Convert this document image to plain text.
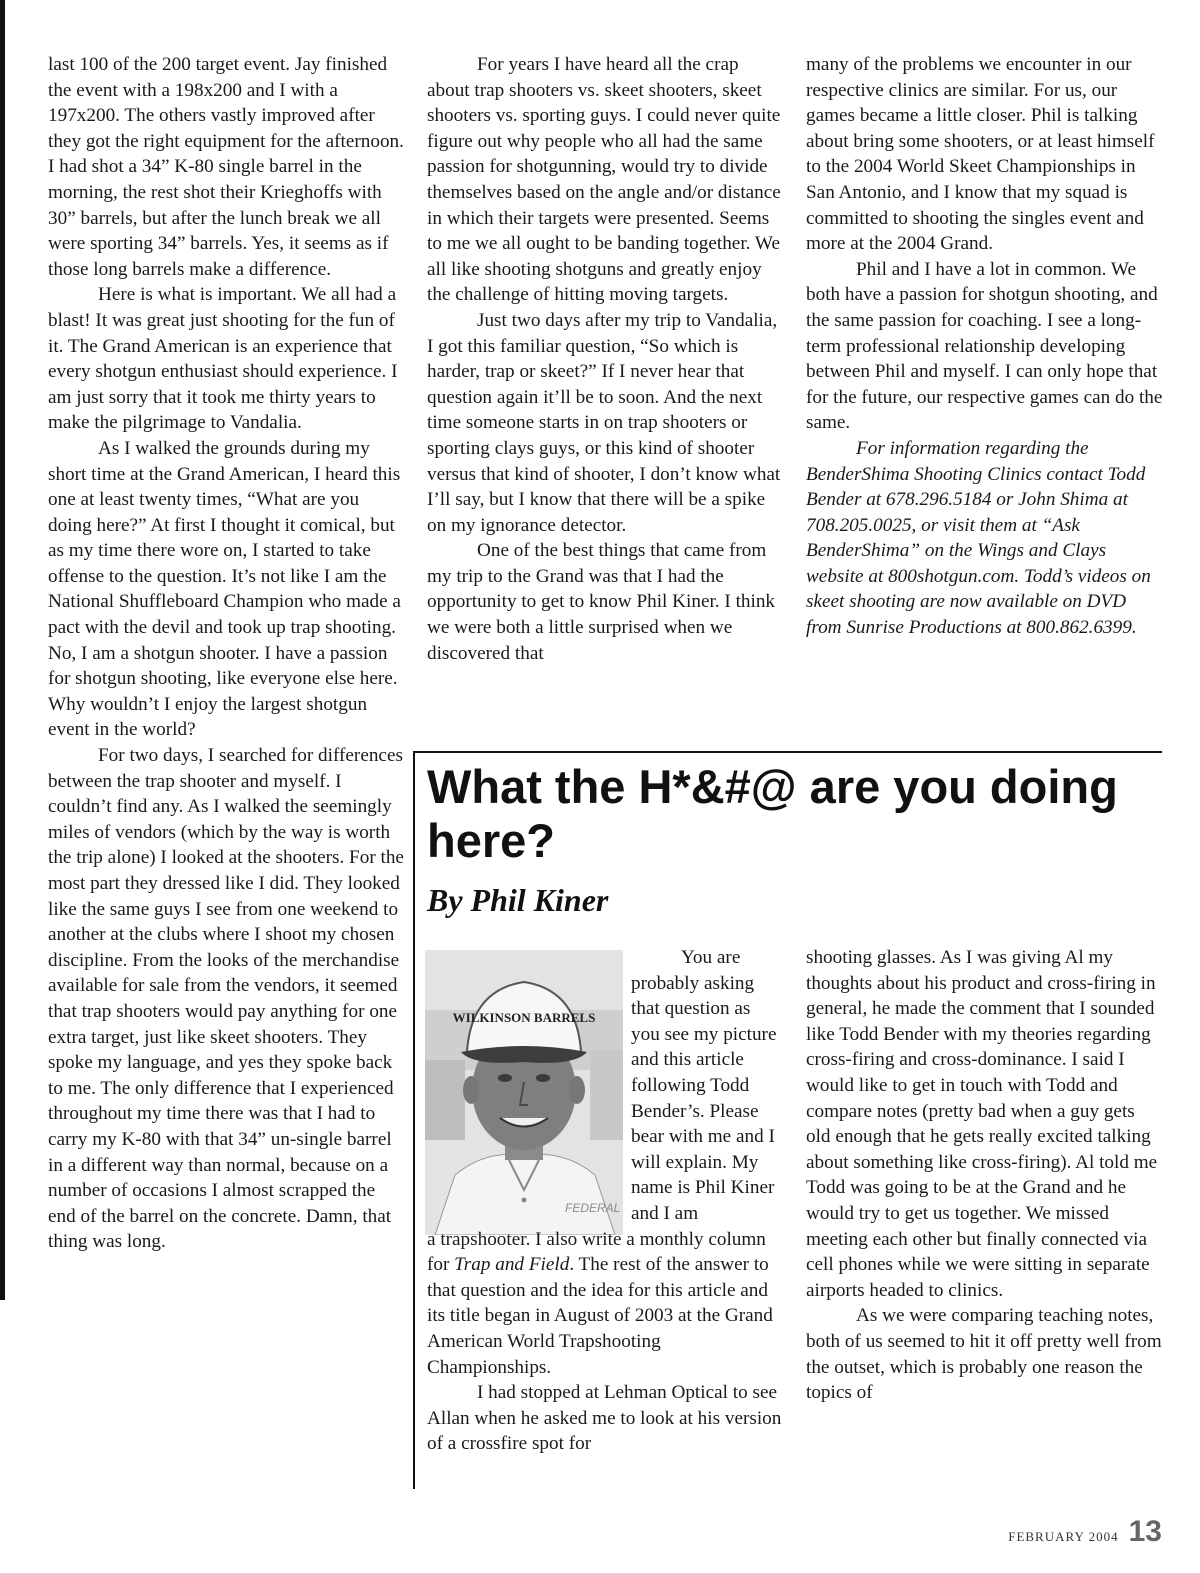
last 100 of the 200 target event. Jay finished the event with a 198x200 and I with a 197x200. The others vastly improved after they got the right equipment for the afternoon. I had shot a 34” K-80 single barrel in the morning, the rest shot their Krieghoffs with 30” barrels, but after the lunch break we all were sporting 34” barrels. Yes, it seems as if those long barrels make a difference.

Here is what is important. We all had a blast! It was great just shooting for the fun of it. The Grand American is an experience that every shotgun enthusiast should experience. I am just sorry that it took me thirty years to make the pilgrimage to Vandalia.

As I walked the grounds during my short time at the Grand American, I heard this one at least twenty times, “What are you doing here?” At first I thought it comical, but as my time there wore on, I started to take offense to the question. It’s not like I am the National Shuffleboard Champion who made a pact with the devil and took up trap shooting. No, I am a shotgun shooter. I have a passion for shotgun shooting, like everyone else here. Why wouldn’t I enjoy the largest shotgun event in the world?

For two days, I searched for differences between the trap shooter and myself. I couldn’t find any. As I walked the seemingly miles of vendors (which by the way is worth the trip alone) I looked at the shooters. For the most part they dressed like I did. They looked like the same guys I see from one weekend to another at the clubs where I shoot my chosen discipline. From the looks of the merchandise available for sale from the vendors, it seemed that trap shooters would pay anything for one extra target, just like skeet shooters. They spoke my language, and yes they spoke back to me. The only difference that I experienced throughout my time there was that I had to carry my K-80 with that 34” un-single barrel in a different way than normal, because on a number of occasions I almost scrapped the end of the barrel on the concrete. Damn, that thing was long.

For years I have heard all the crap about trap shooters vs. skeet shooters, skeet shooters vs. sporting guys. I could never quite figure out why people who all had the same passion for shotgunning, would try to divide themselves based on the angle and/or distance in which their targets were presented. Seems to me we all ought to be banding together. We all like shooting shotguns and greatly enjoy the challenge of hitting moving targets.

Just two days after my trip to Vandalia, I got this familiar question, “So which is harder, trap or skeet?” If I never hear that question again it’ll be to soon. And the next time someone starts in on trap shooters or sporting clays guys, or this kind of shooter versus that kind of shooter, I don’t know what I’ll say, but I know that there will be a spike on my ignorance detector.

One of the best things that came from my trip to the Grand was that I had the opportunity to get to know Phil Kiner. I think we were both a little surprised when we discovered that

many of the problems we encounter in our respective clinics are similar. For us, our games became a little closer. Phil is talking about bring some shooters, or at least himself to the 2004 World Skeet Championships in San Antonio, and I know that my squad is committed to shooting the singles event and more at the 2004 Grand.

Phil and I have a lot in common. We both have a passion for shotgun shooting, and the same passion for coaching. I see a long-term professional relationship developing between Phil and myself. I can only hope that for the future, our respective games can do the same.

For information regarding the BenderShima Shooting Clinics contact Todd Bender at 678.296.5184 or John Shima at 708.205.0025, or visit them at “Ask BenderShima” on the Wings and Clays website at 800shotgun.com. Todd’s videos on skeet shooting are now available on DVD from Sunrise Productions at 800.862.6399.

What the H*&#@ are you doing here?
By Phil Kiner
FEDERAL
WILKINSON BARRELS

You are probably asking that question as you see my picture and this article following Todd Bender’s. Please bear with me and I will explain. My name is Phil Kiner and I am

a trapshooter. I also write a monthly column for Trap and Field. The rest of the answer to that question and the idea for this article and its title began in August of 2003 at the Grand American World Trapshooting Championships.

I had stopped at Lehman Optical to see Allan when he asked me to look at his version of a crossfire spot for

shooting glasses. As I was giving Al my thoughts about his product and cross-firing in general, he made the comment that I sounded like Todd Bender with my theories regarding cross-firing and cross-dominance. I said I would like to get in touch with Todd and compare notes (pretty bad when a guy gets old enough that he gets really excited talking about something like cross-firing). Al told me Todd was going to be at the Grand and he would try to get us together. We missed meeting each other but finally connected via cell phones while we were sitting in separate airports headed to clinics.

As we were comparing teaching notes, both of us seemed to hit it off pretty well from the outset, which is probably one reason the topics of

FEBRUARY 2004 13
